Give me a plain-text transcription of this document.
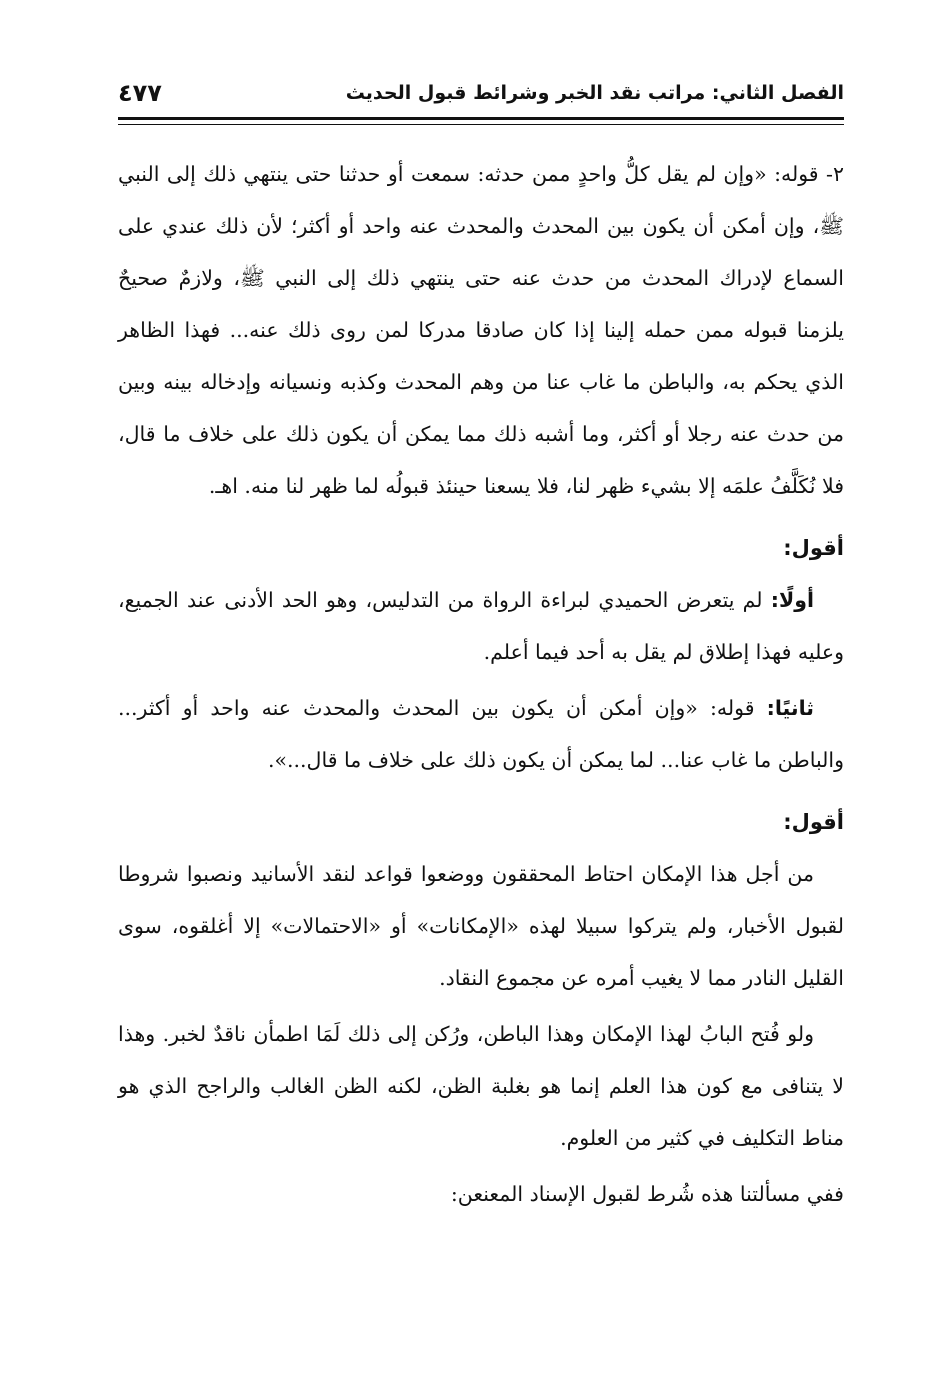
الفصل الثاني: مراتب نقد الخبر وشرائط قبول الحديث
٤٧٧

٢- قوله: «وإن لم يقل كلُّ واحدٍ ممن حدثه: سمعت أو حدثنا حتى ينتهي ذلك إلى النبي ﷺ، وإن أمكن أن يكون بين المحدث والمحدث عنه واحد أو أكثر؛ لأن ذلك عندي على السماع لإدراك المحدث من حدث عنه حتى ينتهي ذلك إلى النبي ﷺ، ولازمٌ صحيحٌ يلزمنا قبوله ممن حمله إلينا إذا كان صادقا مدركا لمن روى ذلك عنه... فهذا الظاهر الذي يحكم به، والباطن ما غاب عنا من وهم المحدث وكذبه ونسيانه وإدخاله بينه وبين من حدث عنه رجلا أو أكثر، وما أشبه ذلك مما يمكن أن يكون ذلك على خلاف ما قال، فلا نُكَلَّفُ علمَه إلا بشيء ظهر لنا، فلا يسعنا حينئذ قبولُه لما ظهر لنا منه. اهـ.

أقول:

أولًا: لم يتعرض الحميدي لبراءة الرواة من التدليس، وهو الحد الأدنى عند الجميع، وعليه فهذا إطلاق لم يقل به أحد فيما أعلم.

ثانيًا: قوله: «وإن أمكن أن يكون بين المحدث والمحدث عنه واحد أو أكثر... والباطن ما غاب عنا... لما يمكن أن يكون ذلك على خلاف ما قال...».

أقول:

من أجل هذا الإمكان احتاط المحققون ووضعوا قواعد لنقد الأسانيد ونصبوا شروطا لقبول الأخبار، ولم يتركوا سبيلا لهذه «الإمكانات» أو «الاحتمالات» إلا أغلقوه، سوى القليل النادر مما لا يغيب أمره عن مجموع النقاد.

ولو فُتح البابُ لهذا الإمكان وهذا الباطن، ورُكن إلى ذلك لَمَا اطمأن ناقدٌ لخبر. وهذا لا يتنافى مع كون هذا العلم إنما هو بغلبة الظن، لكنه الظن الغالب والراجح الذي هو مناط التكليف في كثير من العلوم.

ففي مسألتنا هذه شُرط لقبول الإسناد المعنعن:
